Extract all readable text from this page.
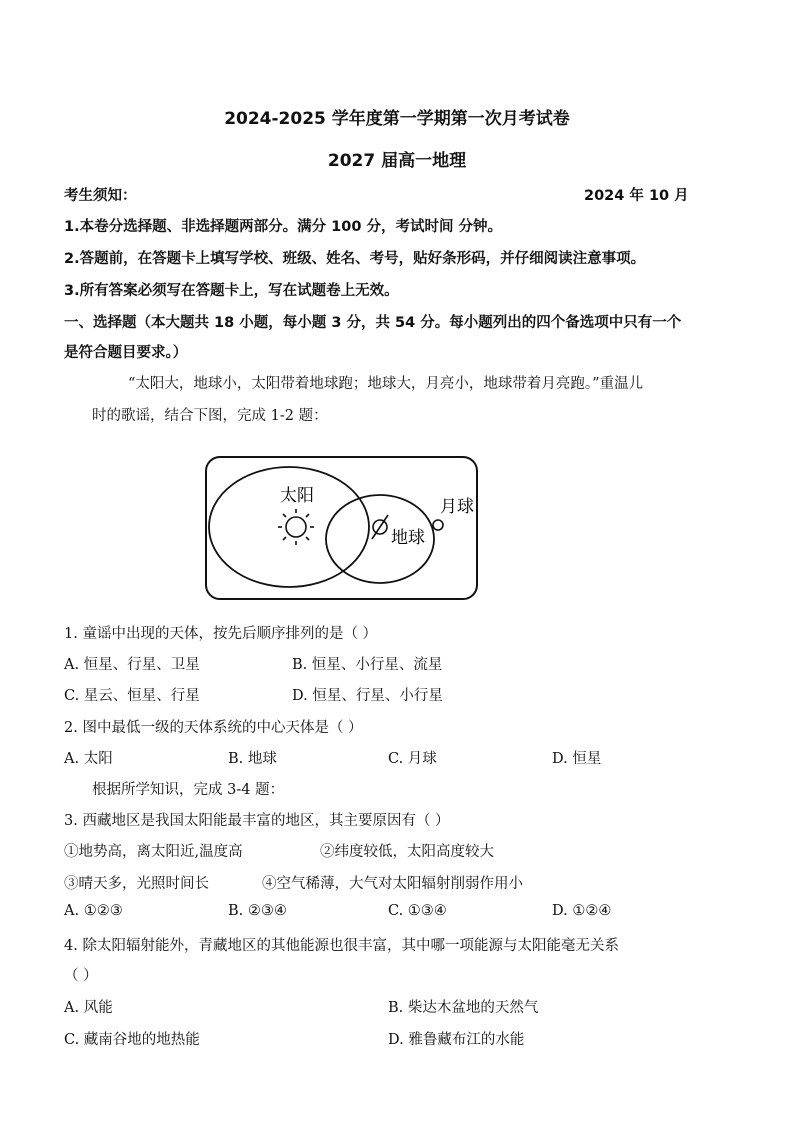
2024-2025 学年度第一学期第一次月考试卷
2027 届高一地理
考生须知：	2024 年 10 月
1.本卷分选择题、非选择题两部分。满分 100 分，考试时间 分钟。
2.答题前，在答题卡上填写学校、班级、姓名、考号，贴好条形码，并仔细阅读注意事项。
3.所有答案必须写在答题卡上，写在试题卷上无效。
一、选择题（本大题共 18 小题，每小题 3 分，共 54 分。每小题列出的四个备选项中只有一个
是符合题目要求。）
“太阳大，地球小，太阳带着地球跑；地球大，月亮小，地球带着月亮跑。”重温儿
时的歌谣，结合下图，完成 1-2 题：
太阳
地球
月球
1. 童谣中出现的天体，按先后顺序排列的是（ ）
A. 恒星、行星、卫星	B. 恒星、小行星、流星
C. 星云、恒星、行星	D. 恒星、行星、小行星
2. 图中最低一级的天体系统的中心天体是（ ）
A. 太阳	B. 地球	C. 月球	D. 恒星
根据所学知识，完成 3-4 题：
3. 西藏地区是我国太阳能最丰富的地区，其主要原因有（ ）
①地势高，离太阳近,温度高	②纬度较低，太阳高度较大
③晴天多，光照时间长	④空气稀薄，大气对太阳辐射削弱作用小
A. ①②③	B. ②③④	C. ①③④	D. ①②④
4. 除太阳辐射能外，青藏地区的其他能源也很丰富，其中哪一项能源与太阳能毫无关系
（ ）
A. 风能	B. 柴达木盆地的天然气
C. 藏南谷地的地热能	D. 雅鲁藏布江的水能
